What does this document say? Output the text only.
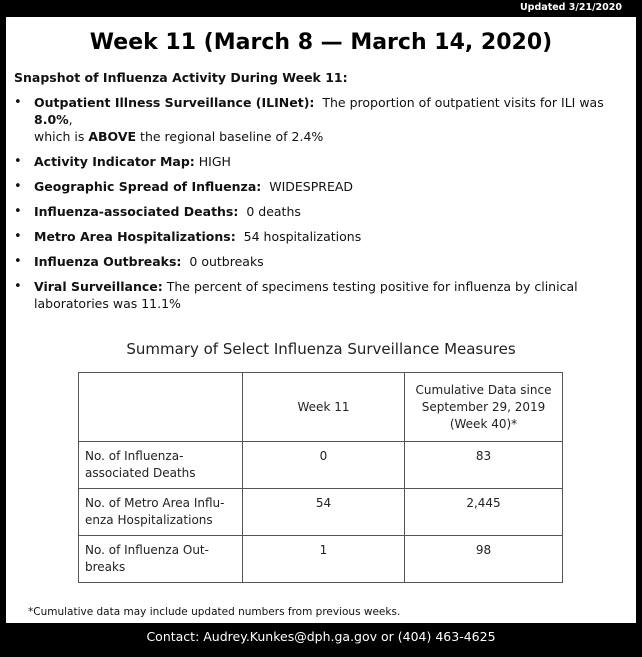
Updated 3/21/2020
Week 11 (March 8 — March 14, 2020)
Snapshot of Influenza Activity During Week 11:
• Outpatient Illness Surveillance (ILINet): The proportion of outpatient visits for ILI was 8.0%,
which is ABOVE the regional baseline of 2.4%
• Activity Indicator Map: HIGH
• Geographic Spread of Influenza: WIDESPREAD
• Influenza-associated Deaths: 0 deaths
• Metro Area Hospitalizations: 54 hospitalizations
• Influenza Outbreaks: 0 outbreaks
• Viral Surveillance: The percent of specimens testing positive for influenza by clinical laboratories was 11.1%
Summary of Select Influenza Surveillance Measures
	Week 11	Cumulative Data since
September 29, 2019
(Week 40)*
No. of Influenza-
associated Deaths	0	83
No. of Metro Area Influ-
enza Hospitalizations	54	2,445
No. of Influenza Out-
breaks	1	98
*Cumulative data may include updated numbers from previous weeks.
Contact: Audrey.Kunkes@dph.ga.gov or (404) 463-4625
